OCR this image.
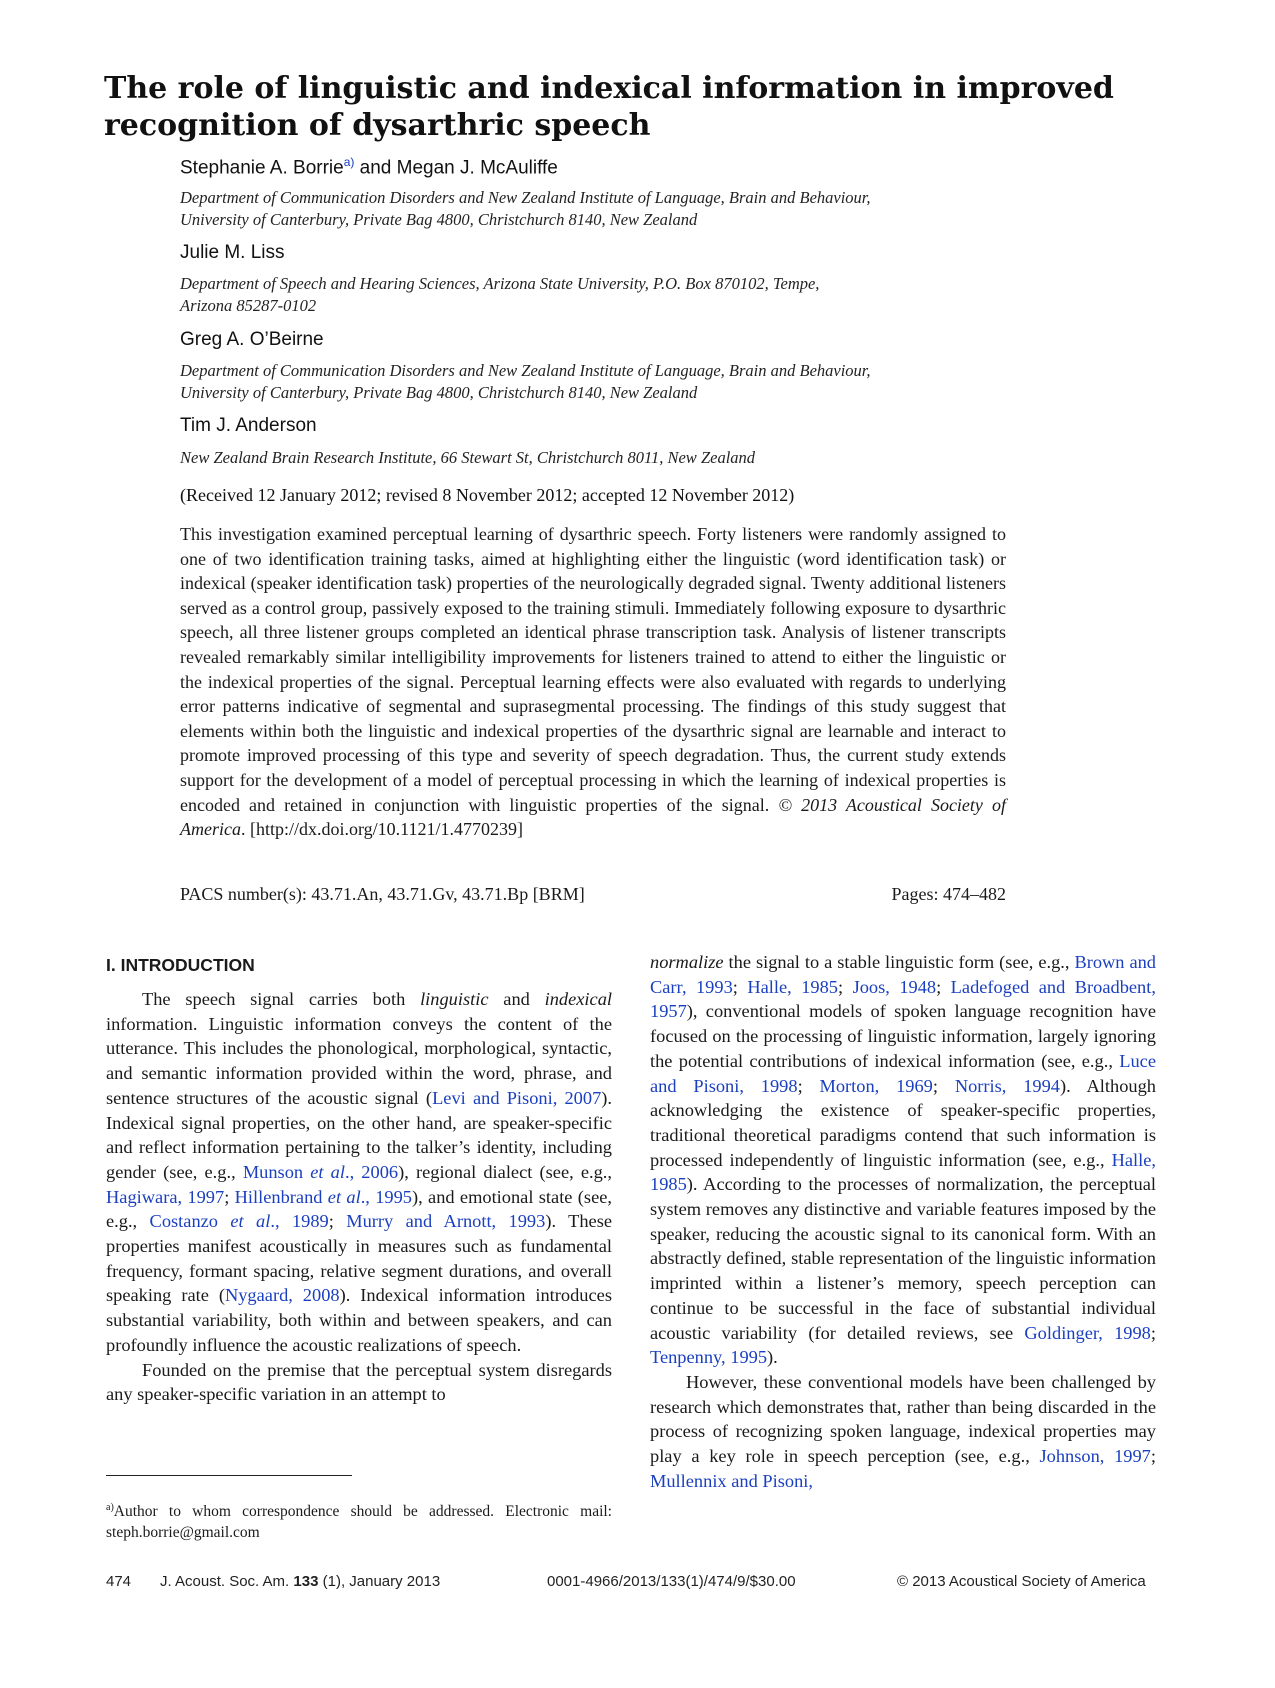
The role of linguistic and indexical information in improved recognition of dysarthric speech
Stephanie A. Borrie$^{a)}$ and Megan J. McAuliffe
Department of Communication Disorders and New Zealand Institute of Language, Brain and Behaviour,
University of Canterbury, Private Bag 4800, Christchurch 8140, New Zealand
Julie M. Liss
Department of Speech and Hearing Sciences, Arizona State University, P.O. Box 870102, Tempe,
Arizona 85287-0102
Greg A. O’Beirne
Department of Communication Disorders and New Zealand Institute of Language, Brain and Behaviour,
University of Canterbury, Private Bag 4800, Christchurch 8140, New Zealand
Tim J. Anderson
New Zealand Brain Research Institute, 66 Stewart St, Christchurch 8011, New Zealand
(Received 12 January 2012; revised 8 November 2012; accepted 12 November 2012)

This investigation examined perceptual learning of dysarthric speech. Forty listeners were randomly assigned to one of two identification training tasks, aimed at highlighting either the linguistic (word identification task) or indexical (speaker identification task) properties of the neurologically degraded signal. Twenty additional listeners served as a control group, passively exposed to the training stimuli. Immediately following exposure to dysarthric speech, all three listener groups completed an identical phrase transcription task. Analysis of listener transcripts revealed remarkably similar intelligibility improvements for listeners trained to attend to either the linguistic or the indexical properties of the signal. Perceptual learning effects were also evaluated with regards to underlying error patterns indicative of segmental and suprasegmental processing. The findings of this study suggest that elements within both the linguistic and indexical properties of the dysarthric signal are learnable and interact to promote improved processing of this type and severity of speech degradation. Thus, the current study extends support for the development of a model of perceptual processing in which the learning of indexical properties is encoded and retained in conjunction with linguistic properties of the signal. © 2013 Acoustical Society of America. [http://dx.doi.org/10.1121/1.4770239]

PACS number(s): 43.71.An, 43.71.Gv, 43.71.Bp [BRM]	Pages: 474–482
I. INTRODUCTION

The speech signal carries both linguistic and indexical information. Linguistic information conveys the content of the utterance. This includes the phonological, morphological, syntactic, and semantic information provided within the word, phrase, and sentence structures of the acoustic signal (Levi and Pisoni, 2007). Indexical signal properties, on the other hand, are speaker-specific and reflect information pertaining to the talker’s identity, including gender (see, e.g., Munson et al., 2006), regional dialect (see, e.g., Hagiwara, 1997; Hillenbrand et al., 1995), and emotional state (see, e.g., Costanzo et al., 1989; Murry and Arnott, 1993). These properties manifest acoustically in measures such as fundamental frequency, formant spacing, relative segment durations, and overall speaking rate (Nygaard, 2008). Indexical information introduces substantial variability, both within and between speakers, and can profoundly influence the acoustic realizations of speech.

Founded on the premise that the perceptual system disregards any speaker-specific variation in an attempt to

normalize the signal to a stable linguistic form (see, e.g., Brown and Carr, 1993; Halle, 1985; Joos, 1948; Ladefoged and Broadbent, 1957), conventional models of spoken language recognition have focused on the processing of linguistic information, largely ignoring the potential contributions of indexical information (see, e.g., Luce and Pisoni, 1998; Morton, 1969; Norris, 1994). Although acknowledging the existence of speaker-specific properties, traditional theoretical paradigms contend that such information is processed independently of linguistic information (see, e.g., Halle, 1985). According to the processes of normalization, the perceptual system removes any distinctive and variable features imposed by the speaker, reducing the acoustic signal to its canonical form. With an abstractly defined, stable representation of the linguistic information imprinted within a listener’s memory, speech perception can continue to be successful in the face of substantial individual acoustic variability (for detailed reviews, see Goldinger, 1998; Tenpenny, 1995).

However, these conventional models have been challenged by research which demonstrates that, rather than being discarded in the process of recognizing spoken language, indexical properties may play a key role in speech perception (see, e.g., Johnson, 1997; Mullennix and Pisoni,

$^{a)}$Author to whom correspondence should be addressed. Electronic mail: steph.borrie@gmail.com
474 J. Acoust. Soc. Am. 133 (1), January 2013	0001-4966/2013/133(1)/474/9/$30.00	© 2013 Acoustical Society of America
